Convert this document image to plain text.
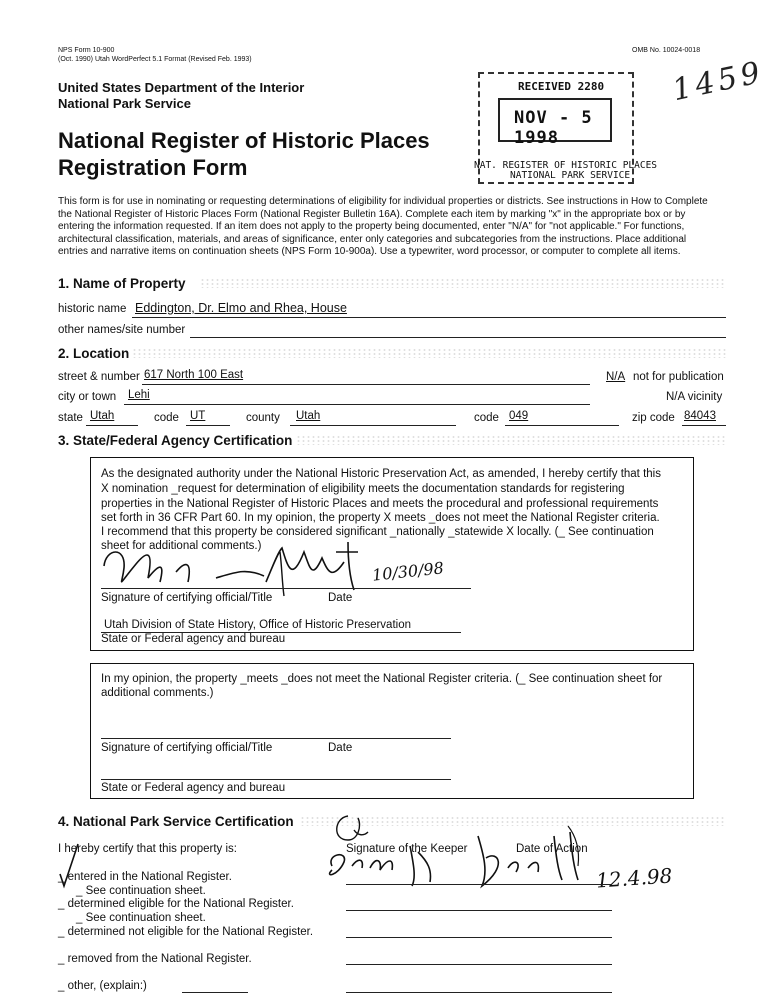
NPS Form 10-900
(Oct. 1990) Utah WordPerfect 5.1 Format (Revised Feb. 1993)
OMB No. 10024-0018
United States Department of the Interior
National Park Service
National Register of Historic Places
Registration Form
RECEIVED 2280
NOV - 5 1998
NAT. REGISTER OF HISTORIC PLACES
NATIONAL PARK SERVICE
1459
This form is for use in nominating or requesting determinations of eligibility for individual properties or districts. See instructions in How to Complete the National Register of Historic Places Form (National Register Bulletin 16A). Complete each item by marking "x" in the appropriate box or by entering the information requested. If an item does not apply to the property being documented, enter "N/A" for "not applicable." For functions, architectural classification, materials, and areas of significance, enter only categories and subcategories from the instructions. Place additional entries and narrative items on continuation sheets (NPS Form 10-900a). Use a typewriter, word processor, or computer to complete all items.
1. Name of Property
historic name Eddington, Dr. Elmo and Rhea, House
other names/site number
2. Location
street & number 617 North 100 East	N/A not for publication
city or town Lehi	N/A vicinity
state Utah	code UT	county Utah	code 049	zip code 84043
3. State/Federal Agency Certification
As the designated authority under the National Historic Preservation Act, as amended, I hereby certify that this
X nomination _request for determination of eligibility meets the documentation standards for registering
properties in the National Register of Historic Places and meets the procedural and professional requirements
set forth in 36 CFR Part 60. In my opinion, the property X meets _does not meet the National Register criteria.
I recommend that this property be considered significant _nationally _statewide X locally. (_ See continuation
sheet for additional comments.)
10/30/98
Signature of certifying official/Title	Date
Utah Division of State History, Office of Historic Preservation
State or Federal agency and bureau
In my opinion, the property _meets _does not meet the National Register criteria. (_ See continuation sheet for
additional comments.)
Signature of certifying official/Title	Date
State or Federal agency and bureau
4. National Park Service Certification
I hereby certify that this property is:	Signature of the Keeper	Date of Action
12.4.98
_ entered in the National Register.
_ See continuation sheet.
_ determined eligible for the National Register.
_ See continuation sheet.
_ determined not eligible for the National Register.
_ removed from the National Register.
_ other, (explain:)
